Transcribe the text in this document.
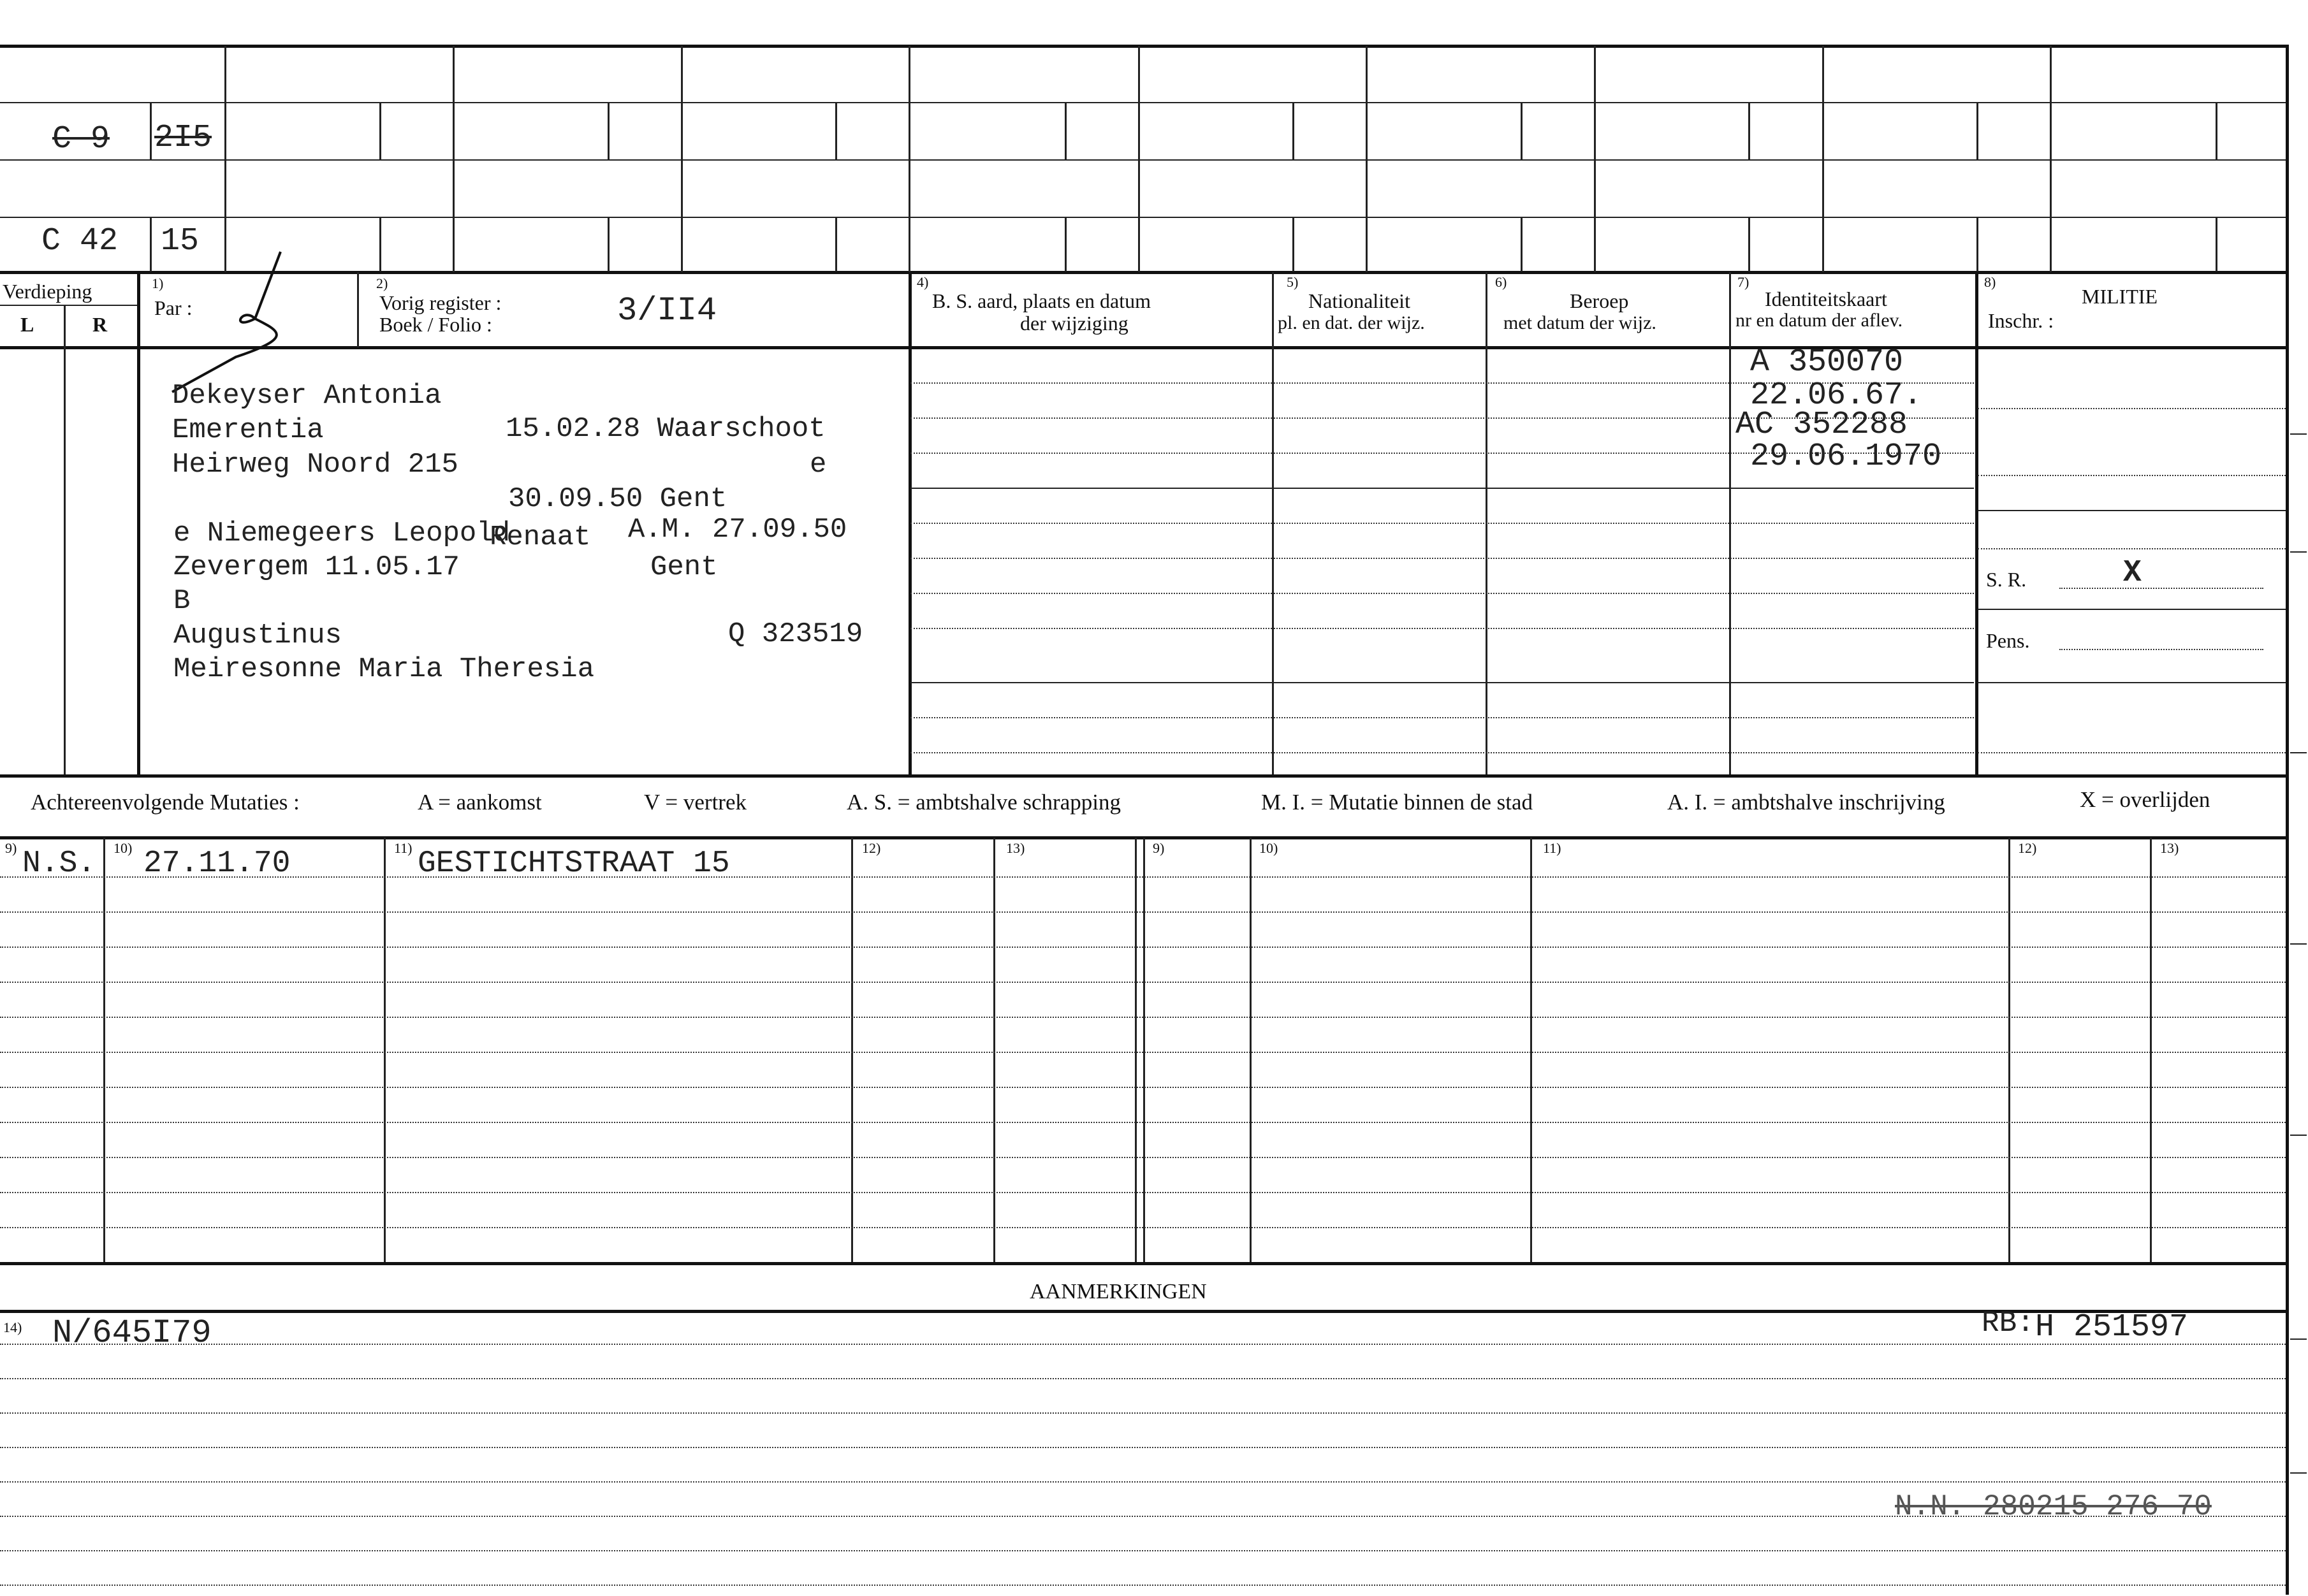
C 9 2I5
C 42 15
Verdieping
L	R
1)
Par :
2)
Vorig register :
Boek / Folio :	3/II4
4)
B. S. aard, plaats en datum
der wijziging
5)
Nationaliteit
pl. en dat. der wijz.
6)
Beroep
met datum der wijz.
7)
Identiteitskaart
nr en datum der aflev.
8)
MILITIE
Inschr. :
Dekeyser Antonia
Emerentia	15.02.28 Waarschoot
Heirweg Noord 215	e
30.09.50 Gent
e Niemegeers Leopold
Renaat A.M. 27.09.50
Zevergem 11.05.17	Gent
B
Augustinus	Q 323519
Meiresonne Maria Theresia
A 350070
22.06.67.
AC 352288
29.06.1970
S. R.	X
Pens.
Achtereenvolgende Mutaties :	A = aankomst	V = vertrek	A. S. = ambtshalve schrapping	M. I. = Mutatie binnen de stad	A. I. = ambtshalve inschrijving	X = overlijden
9)	10)	11)	12)	13)	9)	10)	11)	12)	13)
N.S. 27.11.70	GESTICHTSTRAAT 15
AANMERKINGEN
14) N/645I79	RB: H 251597
N.N. 280215 276 70
